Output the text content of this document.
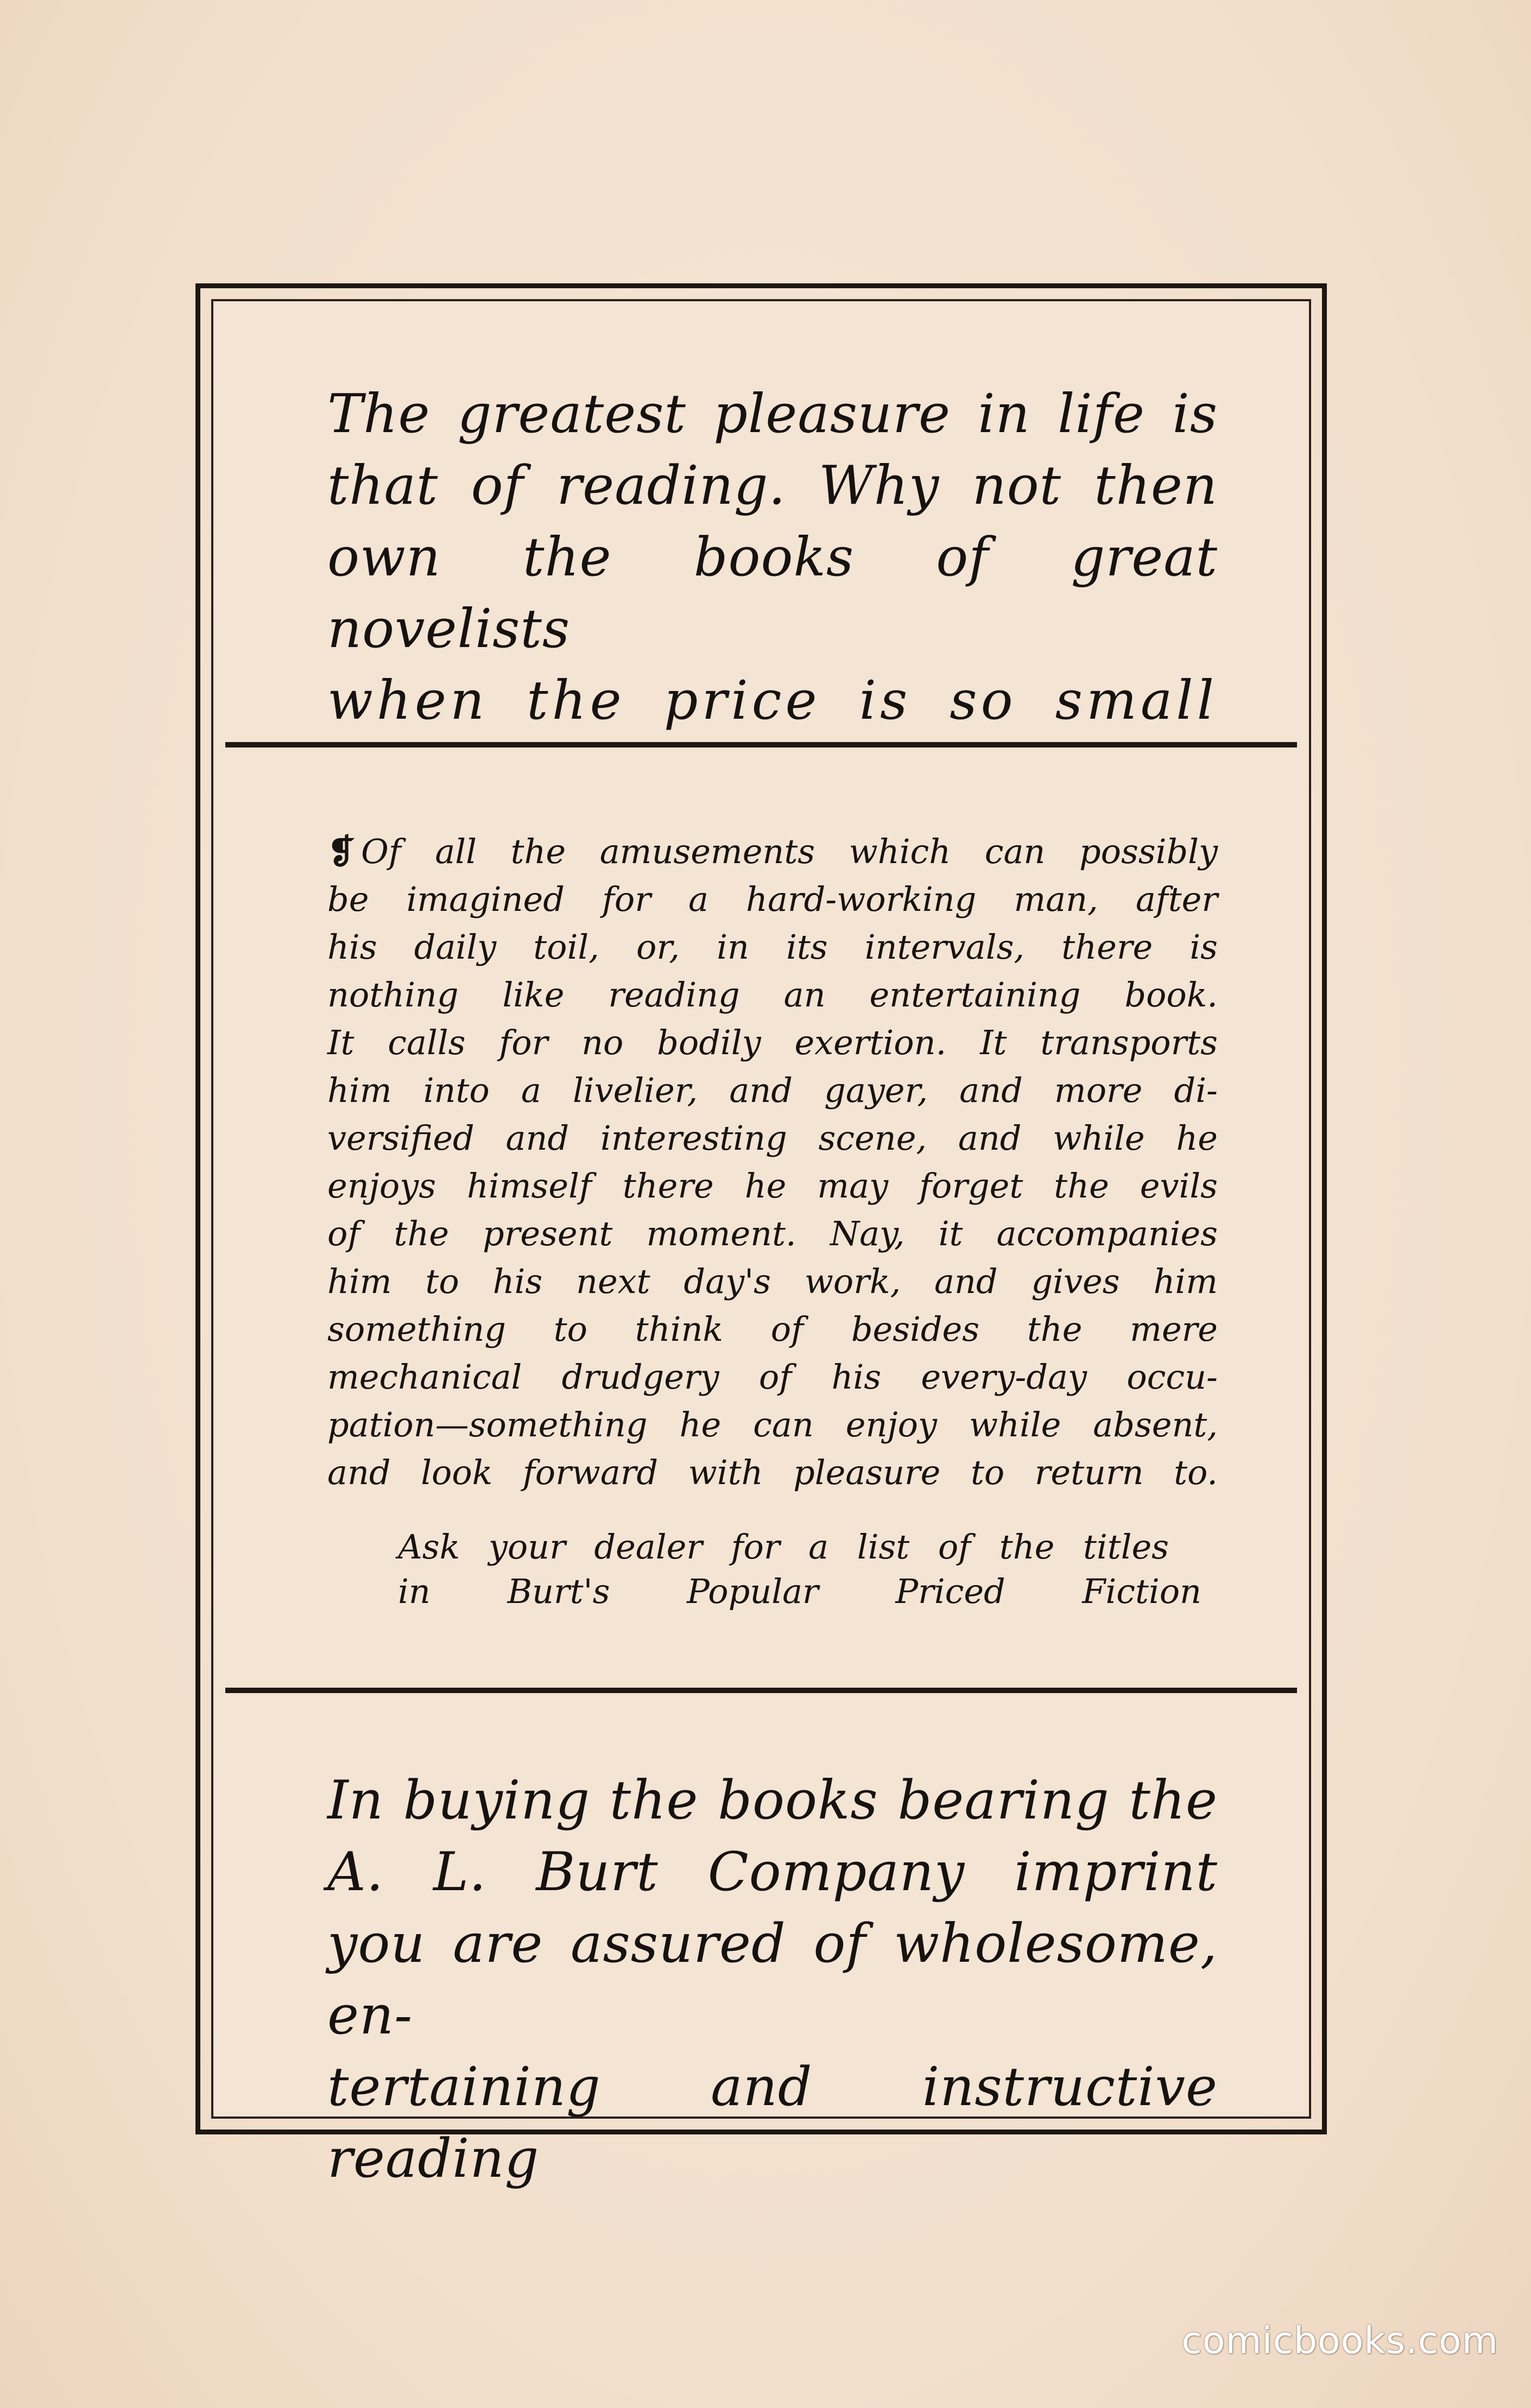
The greatest pleasure in life is
that of reading. Why not then
own the books of great novelists
when the price is so small
❡ Of all the amusements which can possibly
be imagined for a hard-working man, after
his daily toil, or, in its intervals, there is
nothing like reading an entertaining book.
It calls for no bodily exertion. It transports
him into a livelier, and gayer, and more di-
versified and interesting scene, and while he
enjoys himself there he may forget the evils
of the present moment. Nay, it accompanies
him to his next day's work, and gives him
something to think of besides the mere
mechanical drudgery of his every-day occu-
pation—something he can enjoy while absent,
and look forward with pleasure to return to.
Ask your dealer for a list of the titles
in Burt's Popular Priced Fiction
In buying the books bearing the
A. L. Burt Company imprint
you are assured of wholesome, en-
tertaining and instructive reading
comicbooks.com
